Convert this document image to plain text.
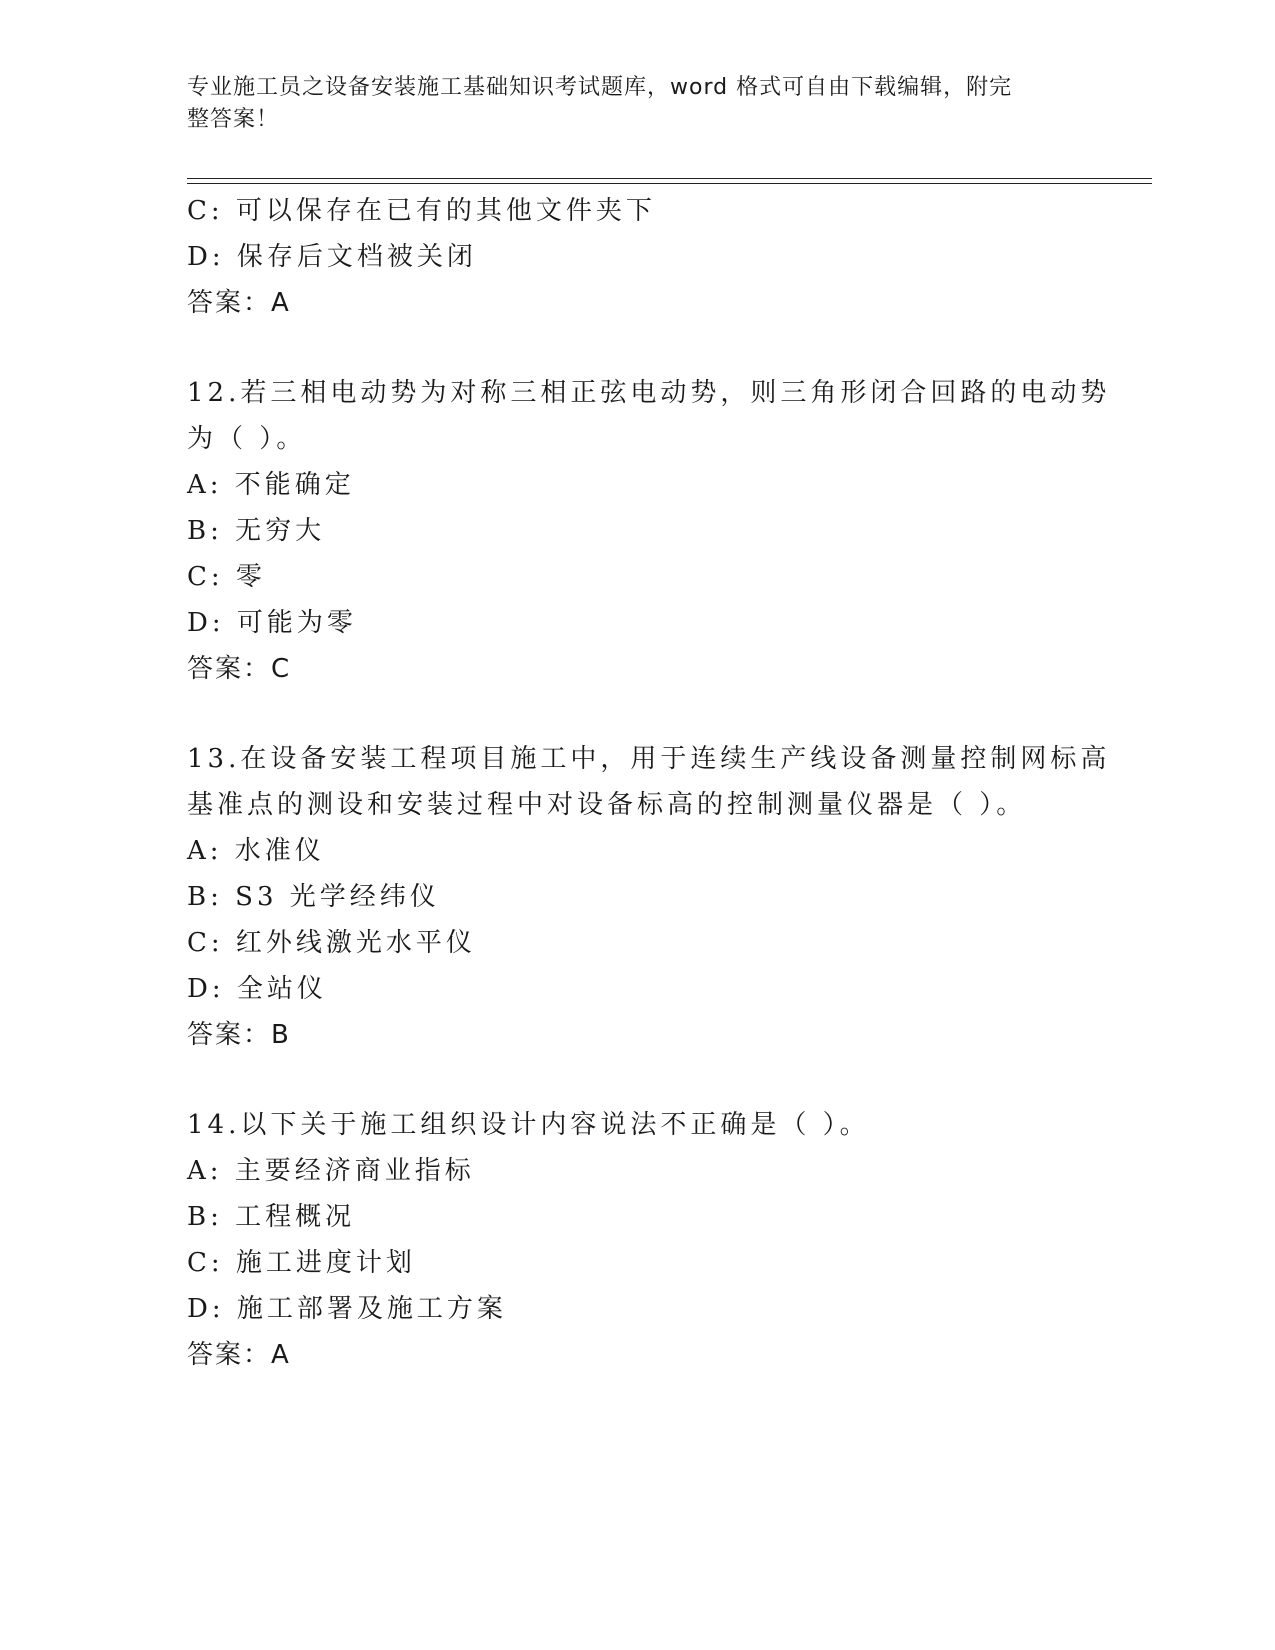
专业施工员之设备安装施工基础知识考试题库，word 格式可自由下载编辑，附完
整答案！
C: 可以保存在已有的其他文件夹下
D: 保存后文档被关闭
答案：A
12.若三相电动势为对称三相正弦电动势，则三角形闭合回路的电动势
为（ ）。
A: 不能确定
B: 无穷大
C: 零
D: 可能为零
答案：C
13.在设备安装工程项目施工中，用于连续生产线设备测量控制网标高
基准点的测设和安装过程中对设备标高的控制测量仪器是（ ）。
A: 水准仪
B: S3 光学经纬仪
C: 红外线激光水平仪
D: 全站仪
答案：B
14.以下关于施工组织设计内容说法不正确是（ ）。
A: 主要经济商业指标
B: 工程概况
C: 施工进度计划
D: 施工部署及施工方案
答案：A
